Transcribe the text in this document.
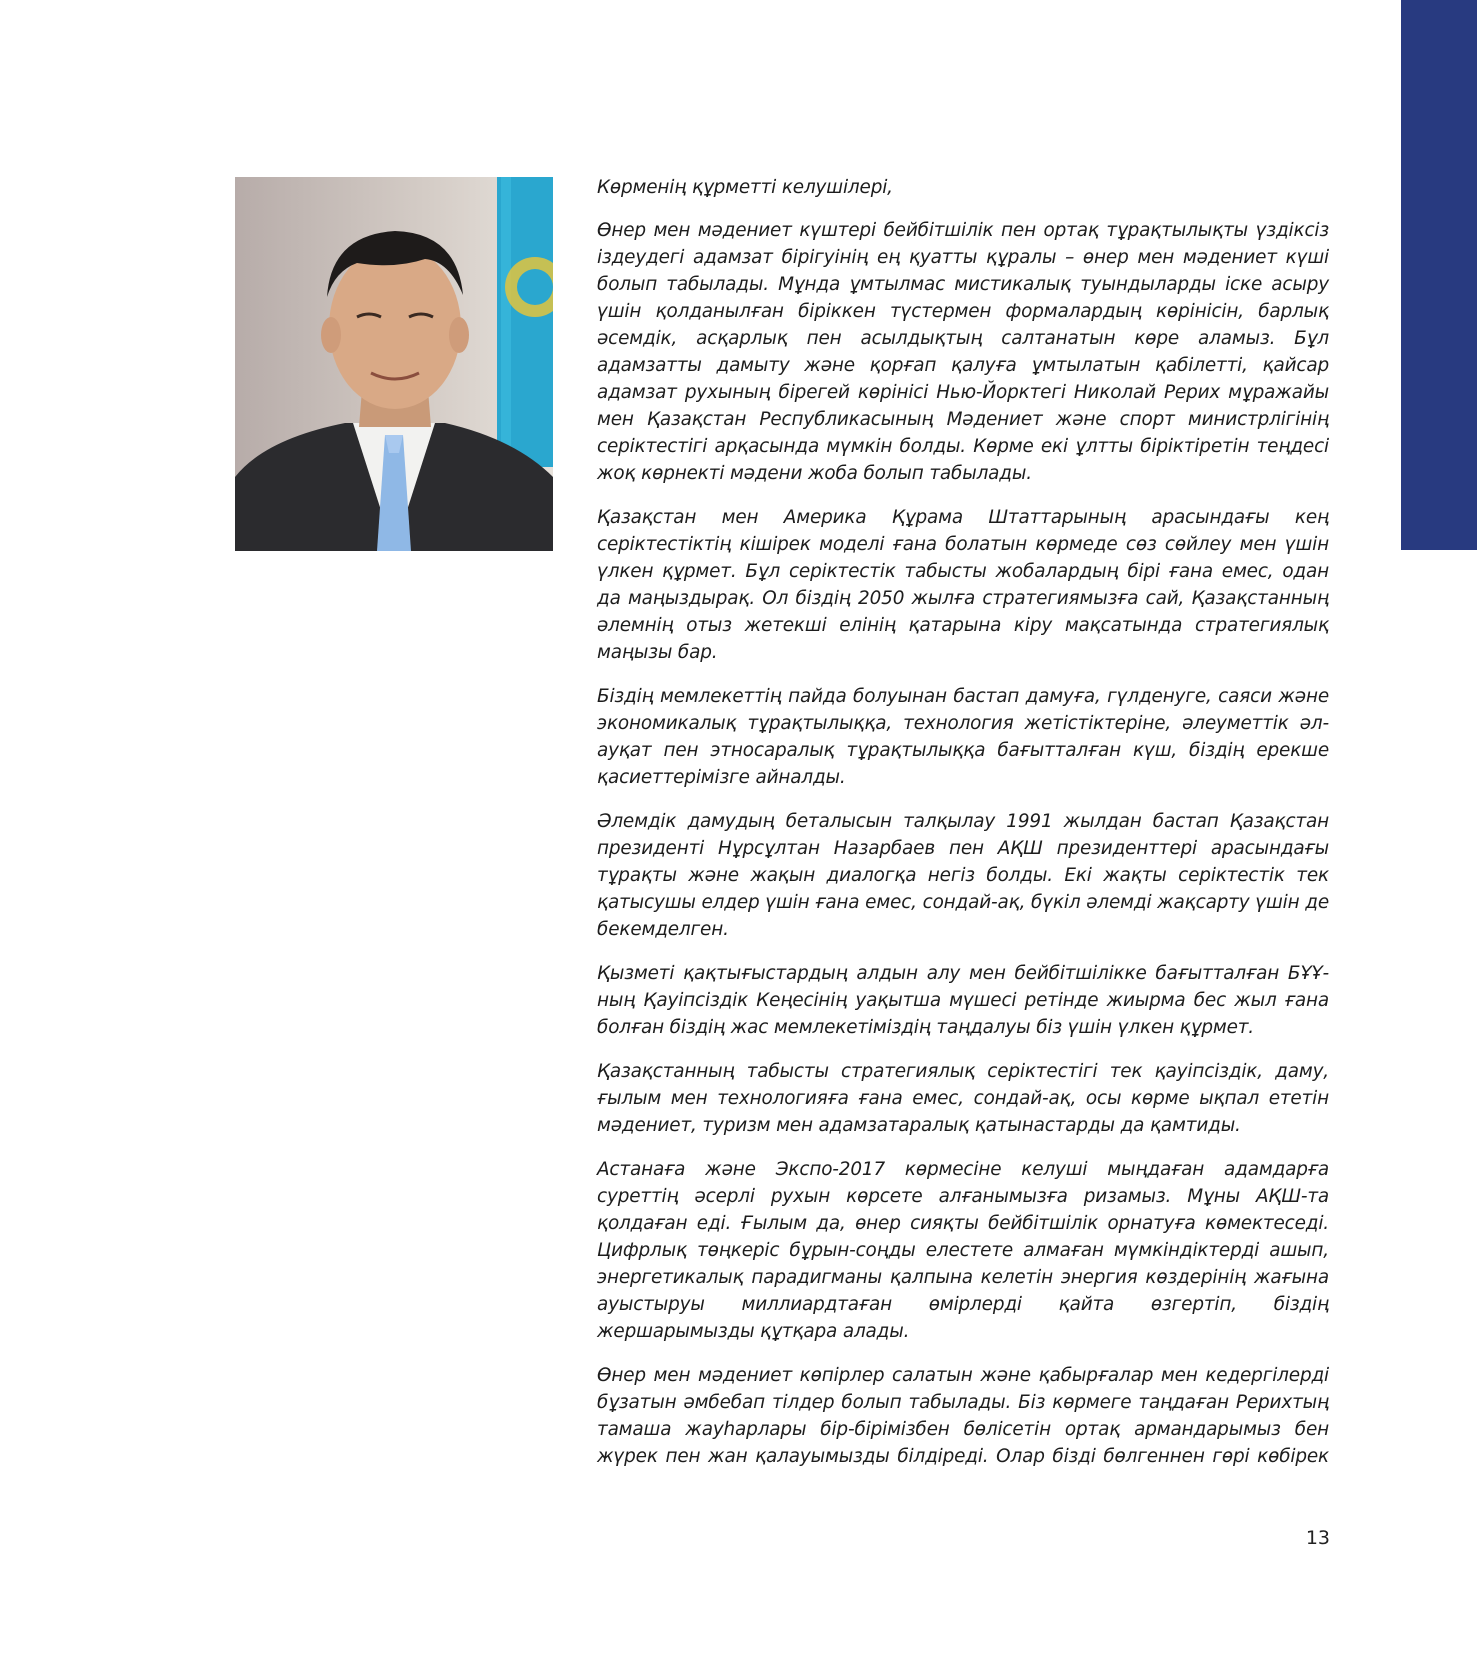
Көрменің құрметті келушілері,

Өнер мен мәдениет күштері бейбітшілік пен ортақ тұрақтылықты үздіксіз іздеудегі адамзат бірігуінің ең қуатты құралы – өнер мен мәдениет күші болып табылады. Мұнда ұмтылмас мистикалық туындыларды іске асыру үшін қолданылған біріккен түстермен формалардың көрінісін, барлық әсемдік, асқарлық пен асылдықтың салтанатын көре аламыз. Бұл адамзатты дамыту және қорғап қалуға ұмтылатын қабілетті, қайсар адамзат рухының бірегей көрінісі Нью-Йорктегі Николай Рерих мұражайы мен Қазақстан Республикасының Мәдениет және спорт министрлігінің серіктестігі арқасында мүмкін болды. Көрме екі ұлтты біріктіретін теңдесі жоқ көрнекті мәдени жоба болып табылады.

Қазақстан мен Америка Құрама Штаттарының арасындағы кең серіктестіктің кішірек моделі ғана болатын көрмеде сөз сөйлеу мен үшін үлкен құрмет. Бұл серіктестік табысты жобалардың бірі ғана емес, одан да маңыздырақ. Ол біздің 2050 жылға стратегиямызға сай, Қазақстанның әлемнің отыз жетекші елінің қатарына кіру мақсатында стратегиялық маңызы бар.

Біздің мемлекеттің пайда болуынан бастап дамуға, гүлденуге, саяси және экономикалық тұрақтылыққа, технология жетістіктеріне, әлеуметтік әл-ауқат пен этносаралық тұрақтылыққа бағытталған күш, біздің ерекше қасиеттерімізге айналды.

Әлемдік дамудың беталысын талқылау 1991 жылдан бастап Қазақстан президенті Нұрсұлтан Назарбаев пен АҚШ президенттері арасындағы тұрақты және жақын диалогқа негіз болды. Екі жақты серіктестік тек қатысушы елдер үшін ғана емес, сондай-ақ, бүкіл әлемді жақсарту үшін де бекемделген.

Қызметі қақтығыстардың алдын алу мен бейбітшілікке бағытталған БҰҰ-ның Қауіпсіздік Кеңесінің уақытша мүшесі ретінде жиырма бес жыл ғана болған біздің жас мемлекетіміздің таңдалуы біз үшін үлкен құрмет.

Қазақстанның табысты стратегиялық серіктестігі тек қауіпсіздік, даму, ғылым мен технологияға ғана емес, сондай-ақ, осы көрме ықпал ететін мәдениет, туризм мен адамзатаралық қатынастарды да қамтиды.

Астанаға және Экспо-2017 көрмесіне келуші мыңдаған адамдарға суреттің әсерлі рухын көрсете алғанымызға ризамыз. Мұны АҚШ-та қолдаған еді. Ғылым да, өнер сияқты бейбітшілік орнатуға көмектеседі. Цифрлық төңкеріс бұрын-соңды елестете алмаған мүмкіндіктерді ашып, энергетикалық парадигманы қалпына келетін энергия көздерінің жағына ауыстыруы миллиардтаған өмірлерді қайта өзгертіп, біздің жершарымызды құтқара алады.

Өнер мен мәдениет көпірлер салатын және қабырғалар мен кедергілерді бұзатын әмбебап тілдер болып табылады. Біз көрмеге таңдаған Рерихтың тамаша жауһарлары бір-бірімізбен бөлісетін ортақ армандарымыз бен жүрек пен жан қалауымызды білдіреді. Олар бізді бөлгеннен гөрі көбірек

13
